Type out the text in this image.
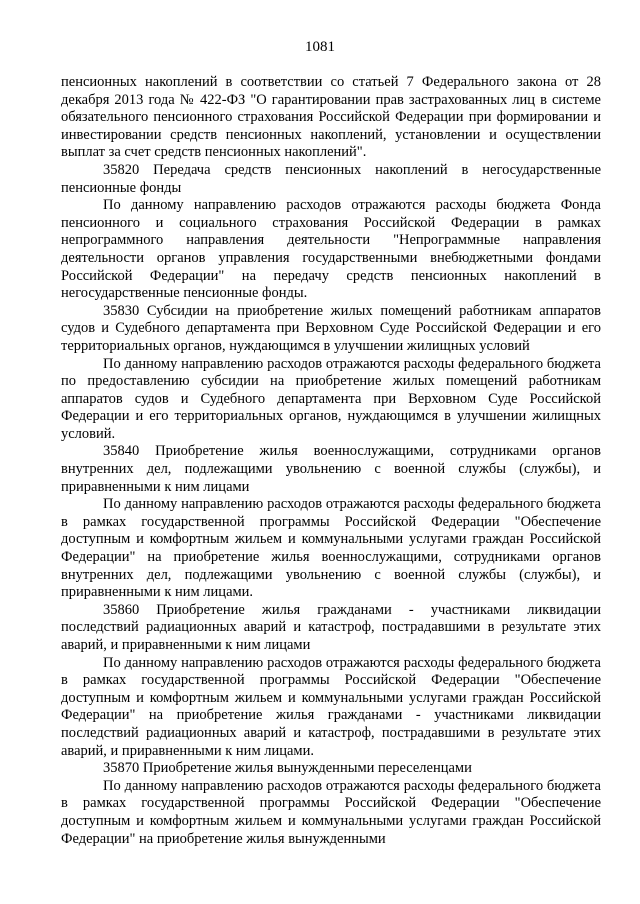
1081

пенсионных накоплений в соответствии со статьей 7 Федерального закона от 28 декабря 2013 года № 422-ФЗ "О гарантировании прав застрахованных лиц в системе обязательного пенсионного страхования Российской Федерации при формировании и инвестировании средств пенсионных накоплений, установлении и осуществлении выплат за счет средств пенсионных накоплений".

35820 Передача средств пенсионных накоплений в негосударственные пенсионные фонды

По данному направлению расходов отражаются расходы бюджета Фонда пенсионного и социального страхования Российской Федерации в рамках непрограммного направления деятельности "Непрограммные направления деятельности органов управления государственными внебюджетными фондами Российской Федерации" на передачу средств пенсионных накоплений в негосударственные пенсионные фонды.

35830 Субсидии на приобретение жилых помещений работникам аппаратов судов и Судебного департамента при Верховном Суде Российской Федерации и его территориальных органов, нуждающимся в улучшении жилищных условий

По данному направлению расходов отражаются расходы федерального бюджета по предоставлению субсидии на приобретение жилых помещений работникам аппаратов судов и Судебного департамента при Верховном Суде Российской Федерации и его территориальных органов, нуждающимся в улучшении жилищных условий.

35840 Приобретение жилья военнослужащими, сотрудниками органов внутренних дел, подлежащими увольнению с военной службы (службы), и приравненными к ним лицами

По данному направлению расходов отражаются расходы федерального бюджета в рамках государственной программы Российской Федерации "Обеспечение доступным и комфортным жильем и коммунальными услугами граждан Российской Федерации" на приобретение жилья военнослужащими, сотрудниками органов внутренних дел, подлежащими увольнению с военной службы (службы), и приравненными к ним лицами.

35860 Приобретение жилья гражданами - участниками ликвидации последствий радиационных аварий и катастроф, пострадавшими в результате этих аварий, и приравненными к ним лицами

По данному направлению расходов отражаются расходы федерального бюджета в рамках государственной программы Российской Федерации "Обеспечение доступным и комфортным жильем и коммунальными услугами граждан Российской Федерации" на приобретение жилья гражданами - участниками ликвидации последствий радиационных аварий и катастроф, пострадавшими в результате этих аварий, и приравненными к ним лицами.

35870 Приобретение жилья вынужденными переселенцами

По данному направлению расходов отражаются расходы федерального бюджета в рамках государственной программы Российской Федерации "Обеспечение доступным и комфортным жильем и коммунальными услугами граждан Российской Федерации" на приобретение жилья вынужденными
